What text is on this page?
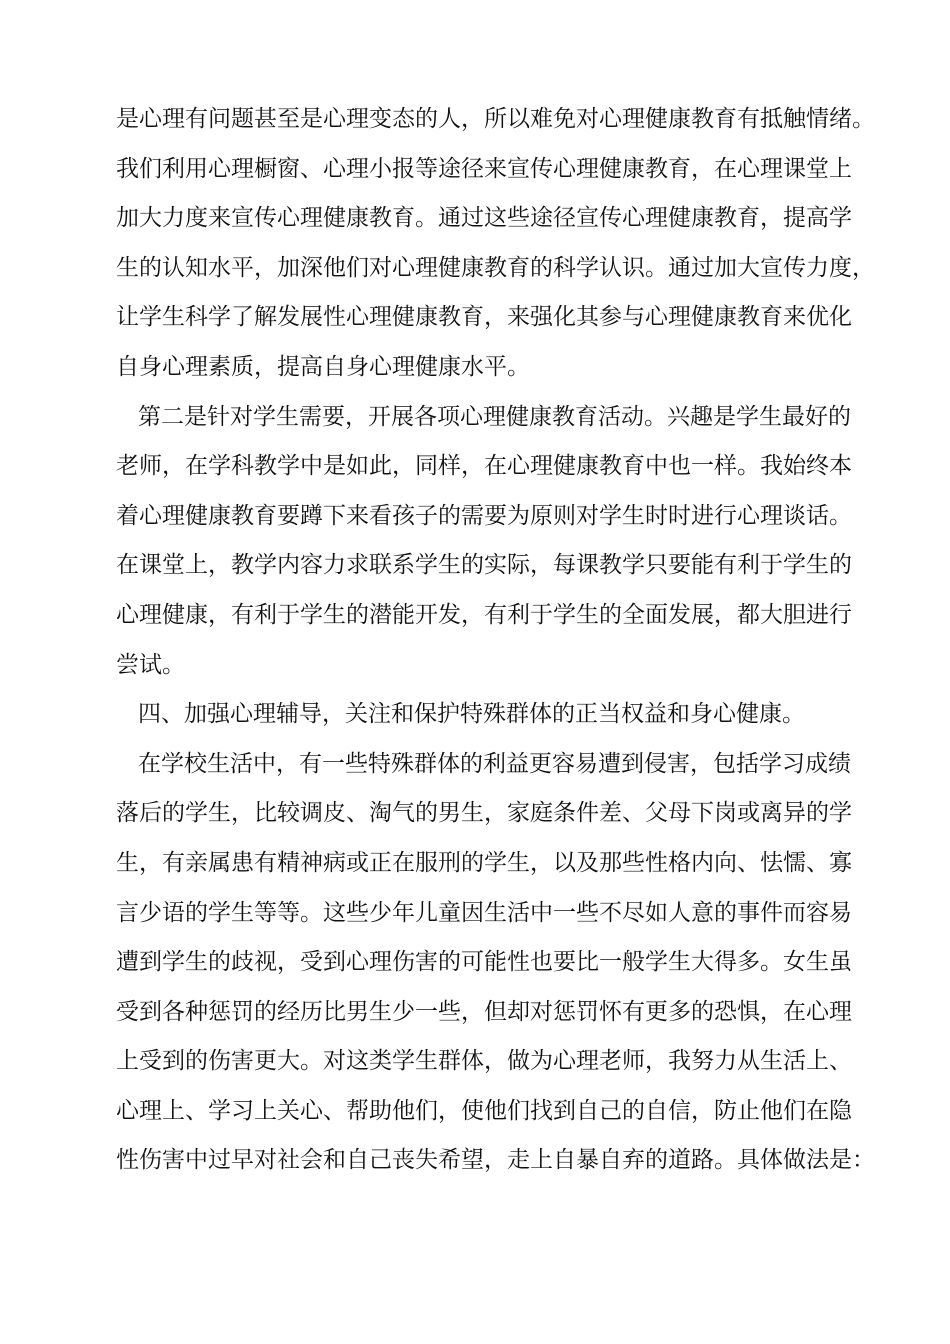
是心理有问题甚至是心理变态的人，所以难免对心理健康教育有抵触情绪。
我们利用心理橱窗、心理小报等途径来宣传心理健康教育，在心理课堂上
加大力度来宣传心理健康教育。通过这些途径宣传心理健康教育，提高学
生的认知水平，加深他们对心理健康教育的科学认识。通过加大宣传力度，
让学生科学了解发展性心理健康教育，来强化其参与心理健康教育来优化
自身心理素质，提高自身心理健康水平。
第二是针对学生需要，开展各项心理健康教育活动。兴趣是学生最好的
老师，在学科教学中是如此，同样，在心理健康教育中也一样。我始终本
着心理健康教育要蹲下来看孩子的需要为原则对学生时时进行心理谈话。
在课堂上，教学内容力求联系学生的实际，每课教学只要能有利于学生的
心理健康，有利于学生的潜能开发，有利于学生的全面发展，都大胆进行
尝试。
四、加强心理辅导，关注和保护特殊群体的正当权益和身心健康。
在学校生活中，有一些特殊群体的利益更容易遭到侵害，包括学习成绩
落后的学生，比较调皮、淘气的男生，家庭条件差、父母下岗或离异的学
生，有亲属患有精神病或正在服刑的学生，以及那些性格内向、怯懦、寡
言少语的学生等等。这些少年儿童因生活中一些不尽如人意的事件而容易
遭到学生的歧视，受到心理伤害的可能性也要比一般学生大得多。女生虽
受到各种惩罚的经历比男生少一些，但却对惩罚怀有更多的恐惧，在心理
上受到的伤害更大。对这类学生群体，做为心理老师，我努力从生活上、
心理上、学习上关心、帮助他们，使他们找到自己的自信，防止他们在隐
性伤害中过早对社会和自己丧失希望，走上自暴自弃的道路。具体做法是：
